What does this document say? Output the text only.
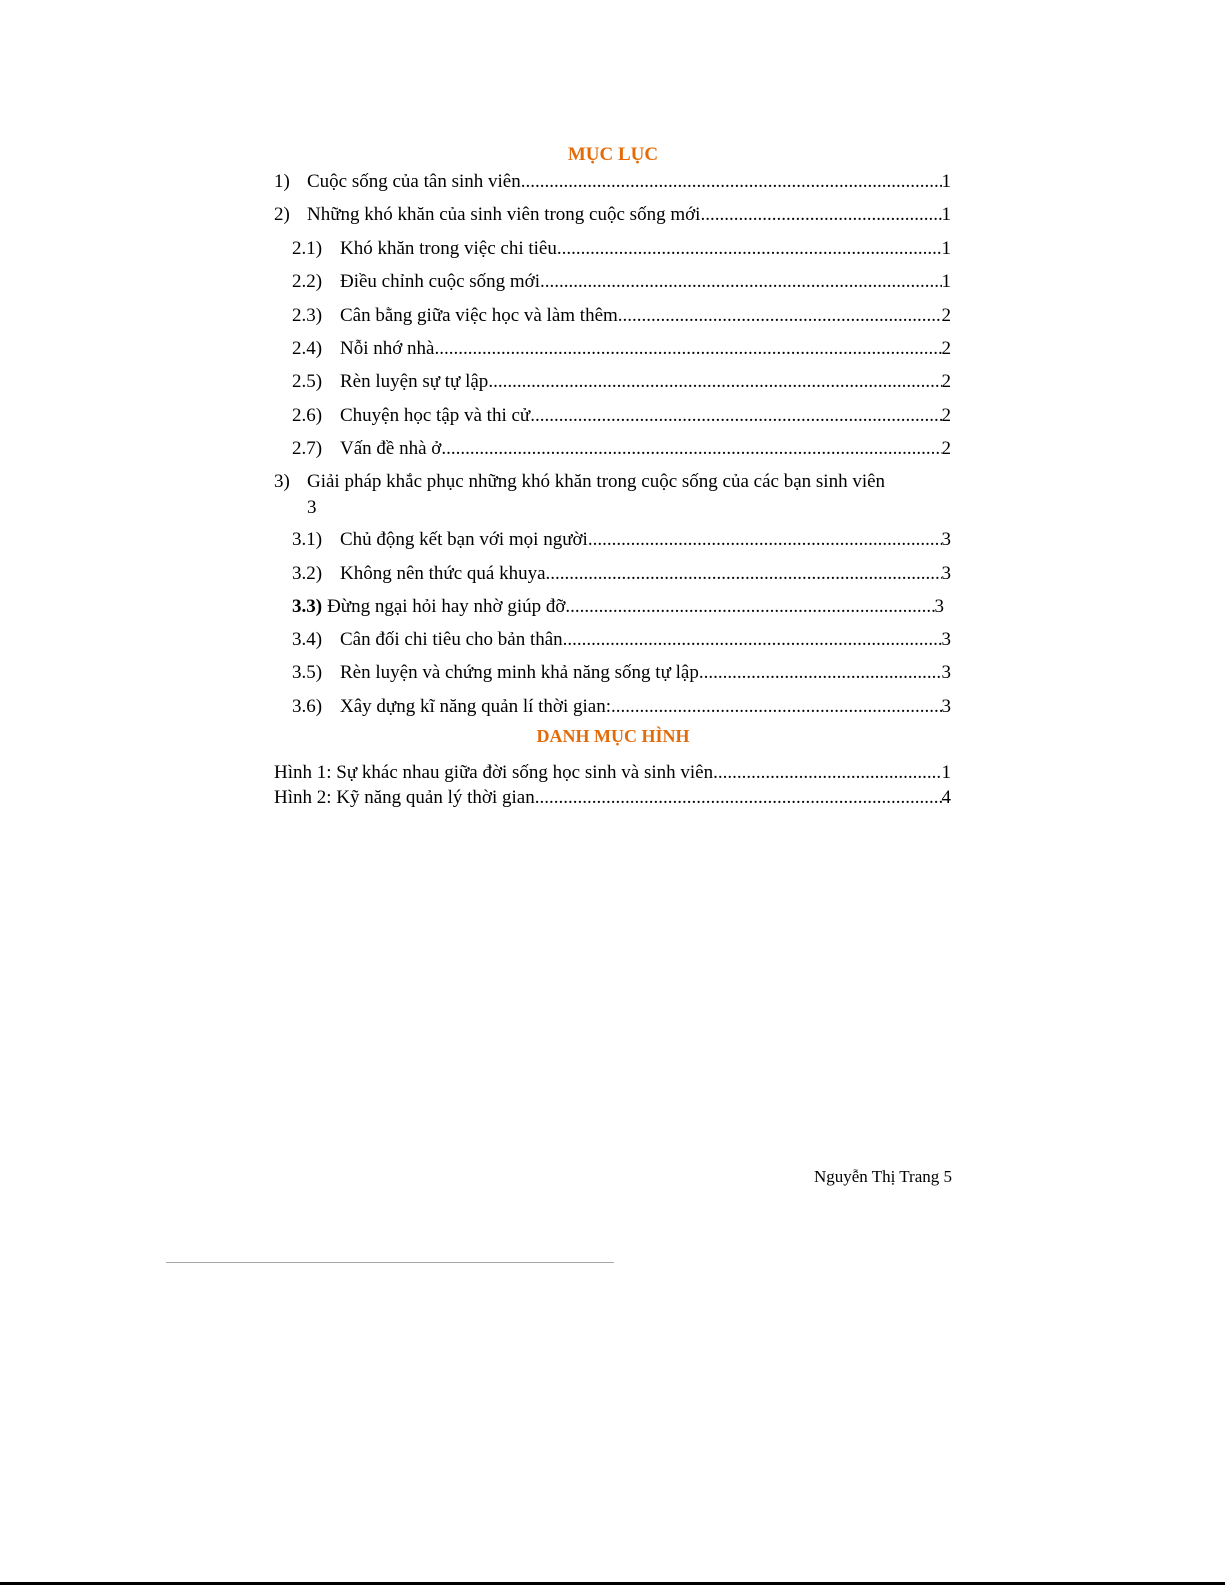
MỤC LỤC
1) Cuộc sống của tân sinh viên .....	1
2) Những khó khăn của sinh viên trong cuộc sống mới .....	1
2.1) Khó khăn trong việc chi tiêu .....	1
2.2) Điều chỉnh cuộc sống mới .....	1
2.3) Cân bằng giữa việc học và làm thêm .....	2
2.4) Nỗi nhớ nhà .....	2
2.5) Rèn luyện sự tự lập .....	2
2.6) Chuyện học tập và thi cử .....	2
2.7) Vấn đề nhà ở .....	2
3) Giải pháp khắc phục những khó khăn trong cuộc sống của các bạn sinh viên
3
3.1) Chủ động kết bạn với mọi người .....	3
3.2) Không nên thức quá khuya .....	3
3.3) Đừng ngại hỏi hay nhờ giúp đỡ .....	3
3.4) Cân đối chi tiêu cho bản thân .....	3
3.5) Rèn luyện và chứng minh khả năng sống tự lập .....	3
3.6) Xây dựng kĩ năng quản lí thời gian: .....	3
DANH MỤC HÌNH
Hình 1: Sự khác nhau giữa đời sống học sinh và sinh viên .....	1
Hình 2: Kỹ năng quản lý thời gian .....	4
Nguyễn Thị Trang 5
